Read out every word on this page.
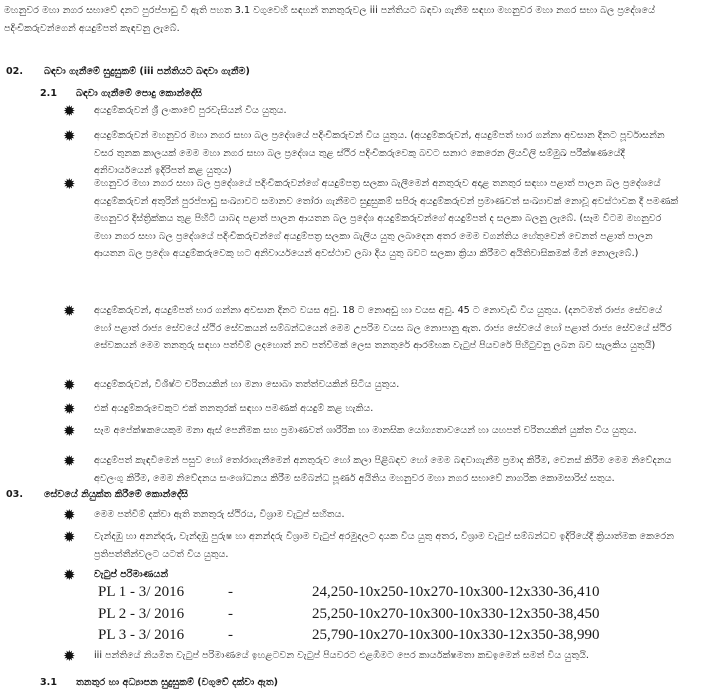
මහනුවර මහා නගර සභාවේ දනට පුරප්පාඩු වී ඇති පහත 3.1 වගුවෙහි සඳහන් තනතුරුවල iii පන්තියට බඳවා ගැනීම සඳහා මහනුවර මහා නගර සභා බල ප්‍රදේශයේ පදිංචිකරුවන්ගෙන් අයදුම්පත් කැඳවනු ලැබේ.
02. බඳවා ගැනීමේ සුදුසුකම් (iii පන්තියට බඳවා ගැනීම)
2.1 බඳවා ගැනීමේ පොදු කොන්දේසි
✹ අයදුම්කරුවන් ශ්‍රී ලංකාවේ පුරවැසියන් විය යුතුය.
✹ අයදුම්කරුවන් මහනුවර මහා නගර සභා බල ප්‍රදේශයේ පදිංචිකරුවන් විය යුතුය. (අයදුම්කරුවන්, අයදුම්පත් භාර ගන්නා අවසාන දිනට පූර්වාසන්න වසර තුනක කාලයක් මෙම මහා නගර සභා බල ප්‍රදේශය තුළ ස්ථිර පදිංචිකරුවෙකු බවට සනාථ කෙරෙන ලියවිලි සම්මුඛ පරීක්ෂණයේදී අනිවාර්යයෙන් ඉදිරිපත් කළ යුතුය)
✹ මහනුවර මහා නගර සභා බල ප්‍රදේශයේ පදිංචිකරුවන්ගේ අයදුම්පත්‍ර සලකා බැලීමෙන් අනතුරුව අදාළ තනතුර සඳහා පළාත් පාලන බල ප්‍රදේශයේ අයදුම්කරුවන් අතුරින් පුරප්පාඩු සංඛ්‍යාවට සමානව තෝරා ගැනීමට සුදුසුකම් සපිරූ අයදුම්කරුවන් ප්‍රමාණවත් සංඛ්‍යාවක් නොවූ අවස්ථාවක දී පමණක් මහනුවර දිස්ත්‍රික්කය තුළ පිහිටි යාබද පළාත් පාලන ආයතන බල ප්‍රදේශ අයදුම්කරුවන්ගේ අයදුම්පත් ද සලකා බලනු ලැබේ. (සෑම විටම මහනුවර මහා නගර සභා බල ප්‍රදේශයේ පදිංචිකරුවන්ගේ අයදුම්පත්‍ර සලකා බැලිය යුතු ලබාදෙන අතර මෙම වගන්තිය හේතුවෙන් වෙනත් පළාත් පාලන ආයතන බල ප්‍රදේශ අයදුම්කරුවෙකු හට අනිවාර්යයෙන් අවස්ථාව ලබා දිය යුතු බවට සලකා ක්‍රියා කිරීමට අයිතිවාසිකමක් මින් නොලැබේ.)
✹ අයදුම්කරුවන්, අයදුම්පත් භාර ගන්නා අවසාන දිනට වයස අවු. 18 ට නොඅඩු හා වයස අවු. 45 ට නොවැඩි විය යුතුය. (දනටමත් රාජ්‍ය සේවයේ හෝ පළාත් රාජ්‍ය සේවයේ ස්ථිර සේවකයන් සම්බන්ධයෙන් මෙම උපරිම වයස බල නොපානු ඇත. රාජ්‍ය සේවයේ හෝ පළාත් රාජ්‍ය සේවයේ ස්ථිර සේවකයන් මෙම තනතුරු සඳහා පත්වීම් ලදහොත් නව පත්වීමක් ලෙස තනතුරේ ආරම්භක වැටුප් පියවරේ පිහිටුවනු ලබන බව සැලකිය යුතුයි)
✹ අයදුම්කරුවන්, විශිෂ්ට චරිතයකින් හා මනා සොබා තත්ත්වයකින් සිටිය යුතුය.
✹ එක් අයදුම්කරුවෙකුට එක් තනතුරක් සඳහා පමණක් අයදුම් කළ හැකිය.
✹ සෑම අපේක්ෂකයෙකුම මනා ඇස් පෙනීමක සහ ප්‍රමාණවත් ශාරීරික හා මානසික යෝග්‍යතාවයෙන් හා යහපත් චරිතයකින් යුක්ත විය යුතුය.
✹ අයදුම්පත් කැඳවීමෙන් පසුව හෝ තෝරාගැනීමෙන් අනතුරුව හෝ කලා පිළිබඳව හෝ මෙම බඳවාගැනීම ප්‍රමාද කිරීම, වෙනස් කිරීම මෙම නිවේදනය අවලංගු කිරීම, මෙම නිවේදනය සංශෝධනය කිරීම සම්බන්ධ පූර්ණ අයිතිය මහනුවර මහා නගර සභාවේ නාගරික කොමසාරිස් සතුය.
03. සේවයේ නියුක්ත කිරීමේ කොන්දේසි
✹ මෙම පත්වීම් දක්වා ඇති තනතුරු ස්ථිරය, විශ්‍රාම වැටුප් සහිතය.
✹ වැන්දඹු හා අනන්දරු, වැන්දඹු පුරුෂ හා අනන්දරු විශ්‍රාම වැටුප් අරමුදලට දායක විය යුතු අතර, විශ්‍රාම වැටුප් සම්බන්ධව ඉදිරියේදී ක්‍රියාත්මක කෙරෙන ප්‍රතිපත්තීන්වලට යටත් විය යුතුය.
✹ වැටුප් පරිමාණයන්
PL 1 - 3/ 2016	-	24,250-10x250-10x270-10x300-12x330-36,410
PL 2 - 3/ 2016	-	25,250-10x270-10x300-10x330-12x350-38,450
PL 3 - 3/ 2016	-	25,790-10x270-10x300-10x330-12x350-38,990
✹ iii පන්තියේ නියමිත වැටුප් පරිමාණයේ ඉහළටවන වැටුප් පියවරට එළඹීමට පෙර කාර්යක්ෂමතා කඩඉමෙන් සමත් විය යුතුයි.
3.1 තනතුර හා අධ්‍යාපන සුදුසුකම් (වගුවේ දක්වා ඇත)
